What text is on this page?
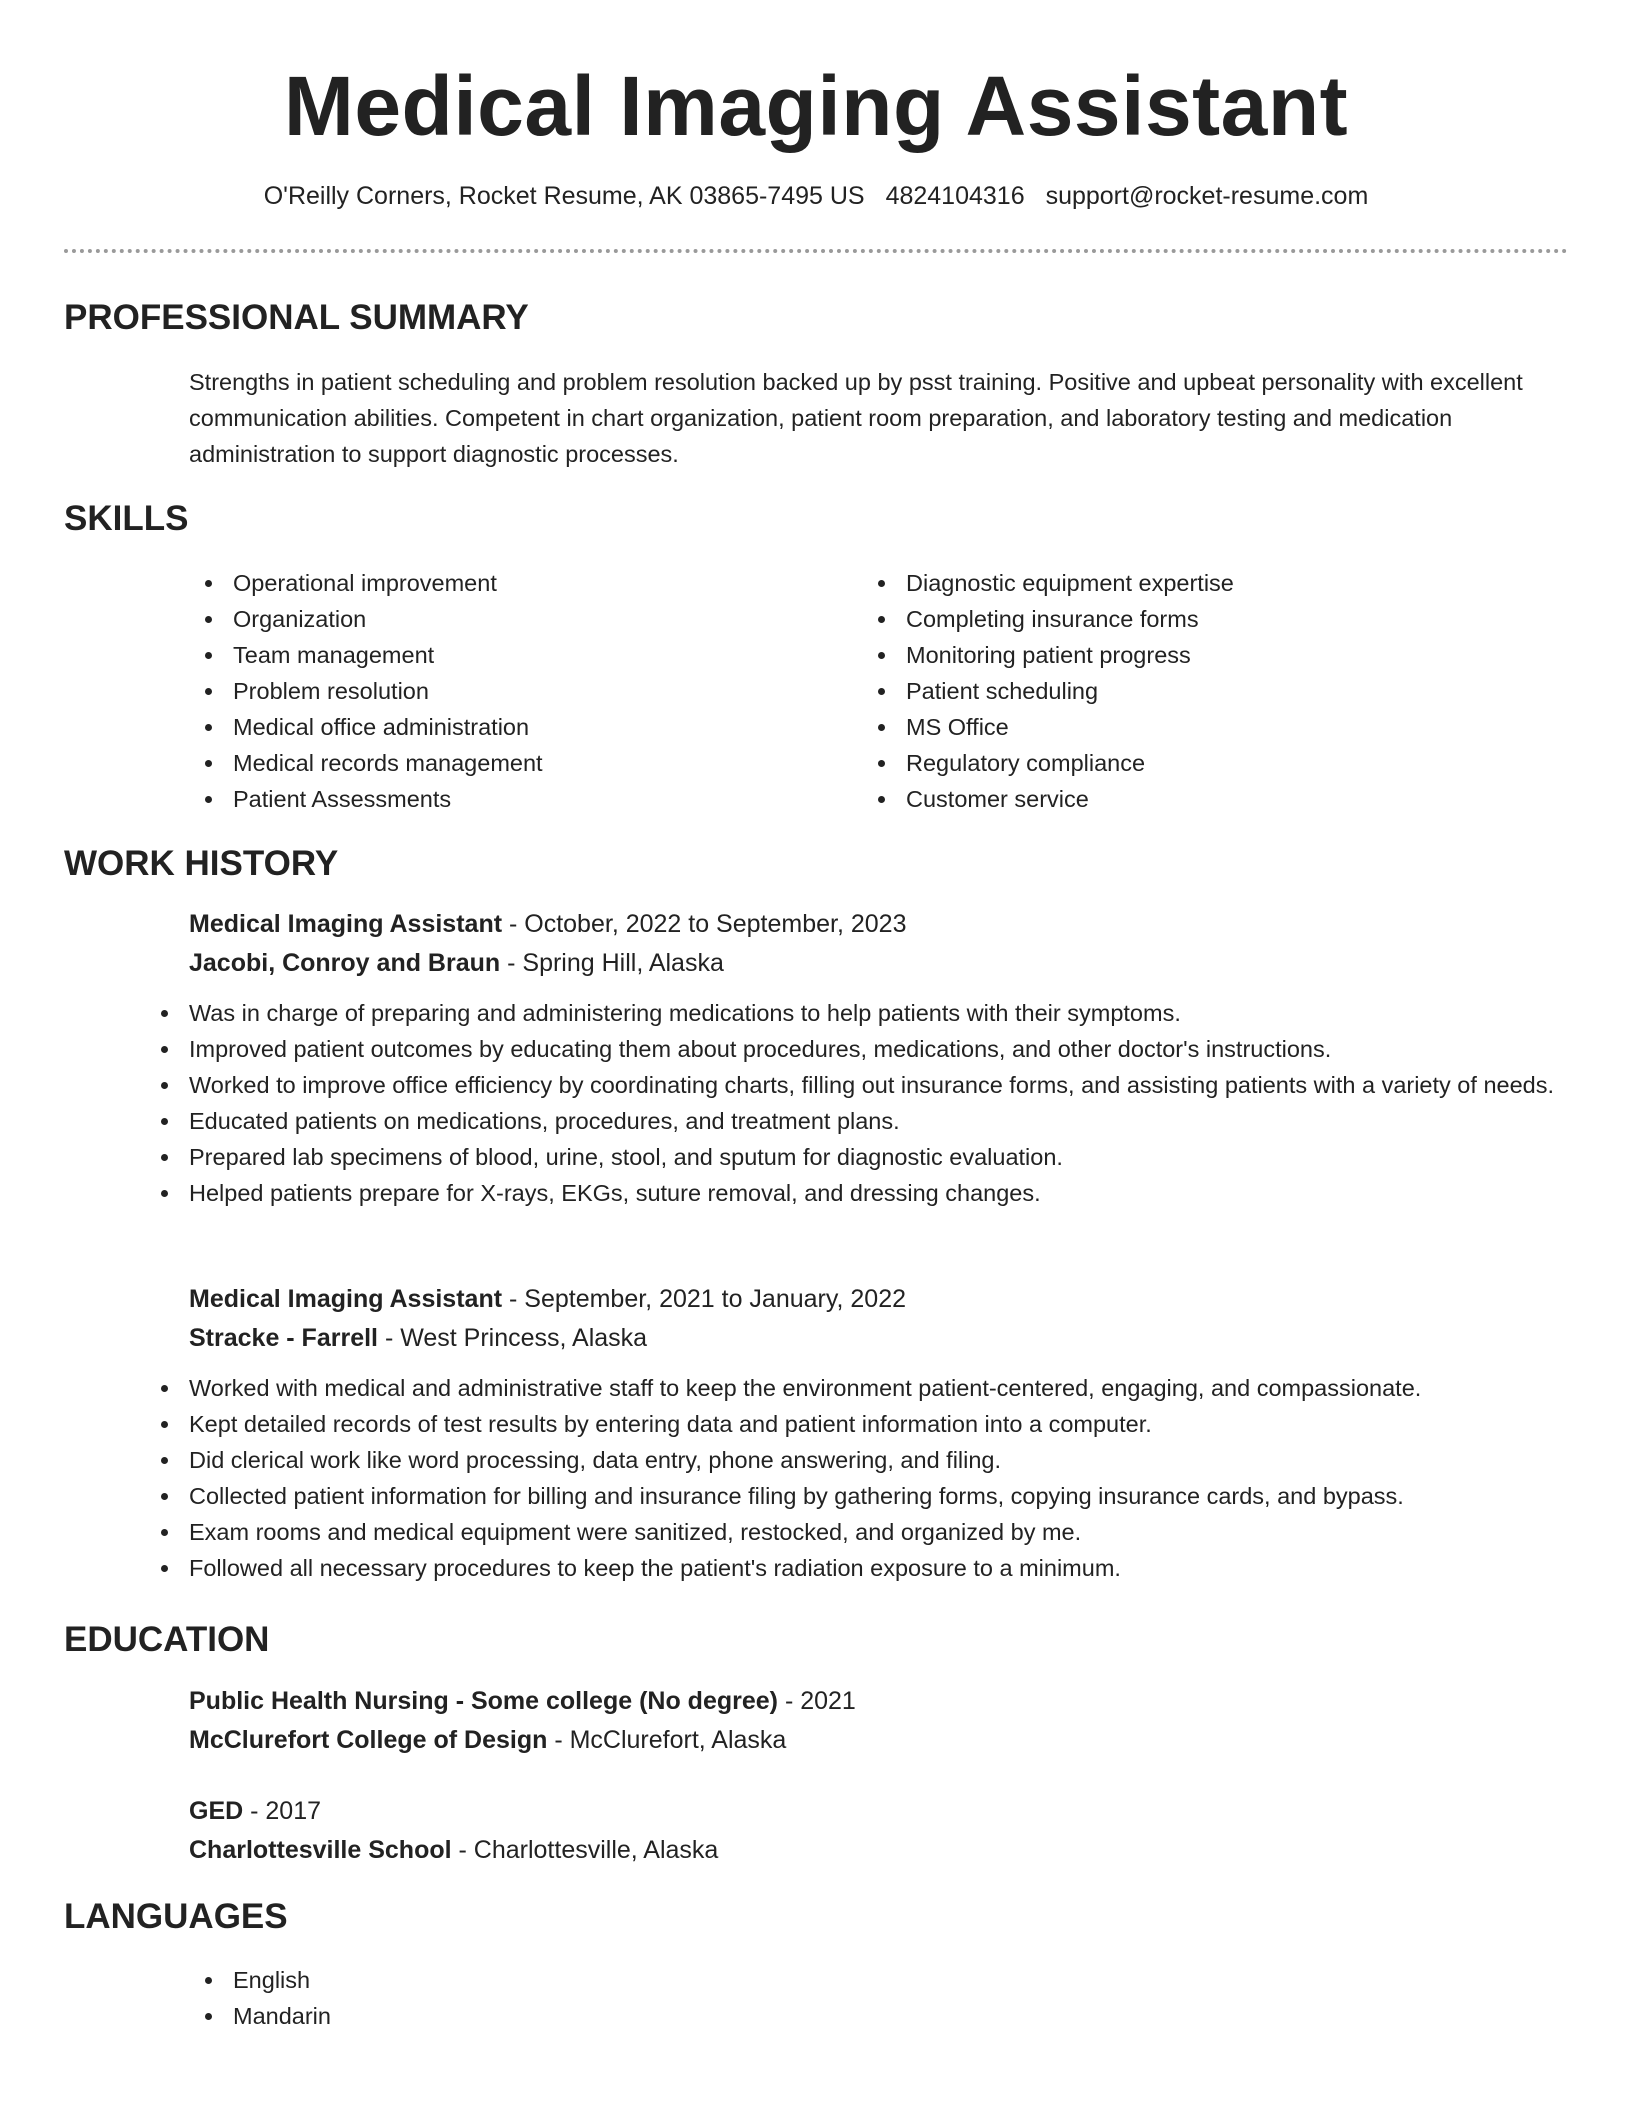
Medical Imaging Assistant
O'Reilly Corners, Rocket Resume, AK 03865-7495 US 4824104316 support@rocket-resume.com
PROFESSIONAL SUMMARY

Strengths in patient scheduling and problem resolution backed up by psst training. Positive and upbeat personality with excellent communication abilities. Competent in chart organization, patient room preparation, and laboratory testing and medication administration to support diagnostic processes.

SKILLS
Operational improvement
Organization
Team management
Problem resolution
Medical office administration
Medical records management
Patient Assessments
Diagnostic equipment expertise
Completing insurance forms
Monitoring patient progress
Patient scheduling
MS Office
Regulatory compliance
Customer service
WORK HISTORY
Medical Imaging Assistant - October, 2022 to September, 2023
Jacobi, Conroy and Braun - Spring Hill, Alaska
Was in charge of preparing and administering medications to help patients with their symptoms.
Improved patient outcomes by educating them about procedures, medications, and other doctor's instructions.
Worked to improve office efficiency by coordinating charts, filling out insurance forms, and assisting patients with a variety of needs.
Educated patients on medications, procedures, and treatment plans.
Prepared lab specimens of blood, urine, stool, and sputum for diagnostic evaluation.
Helped patients prepare for X-rays, EKGs, suture removal, and dressing changes.
Medical Imaging Assistant - September, 2021 to January, 2022
Stracke - Farrell - West Princess, Alaska
Worked with medical and administrative staff to keep the environment patient-centered, engaging, and compassionate.
Kept detailed records of test results by entering data and patient information into a computer.
Did clerical work like word processing, data entry, phone answering, and filing.
Collected patient information for billing and insurance filing by gathering forms, copying insurance cards, and bypass.
Exam rooms and medical equipment were sanitized, restocked, and organized by me.
Followed all necessary procedures to keep the patient's radiation exposure to a minimum.
EDUCATION
Public Health Nursing - Some college (No degree) - 2021
McClurefort College of Design - McClurefort, Alaska
GED - 2017
Charlottesville School - Charlottesville, Alaska
LANGUAGES
English
Mandarin
